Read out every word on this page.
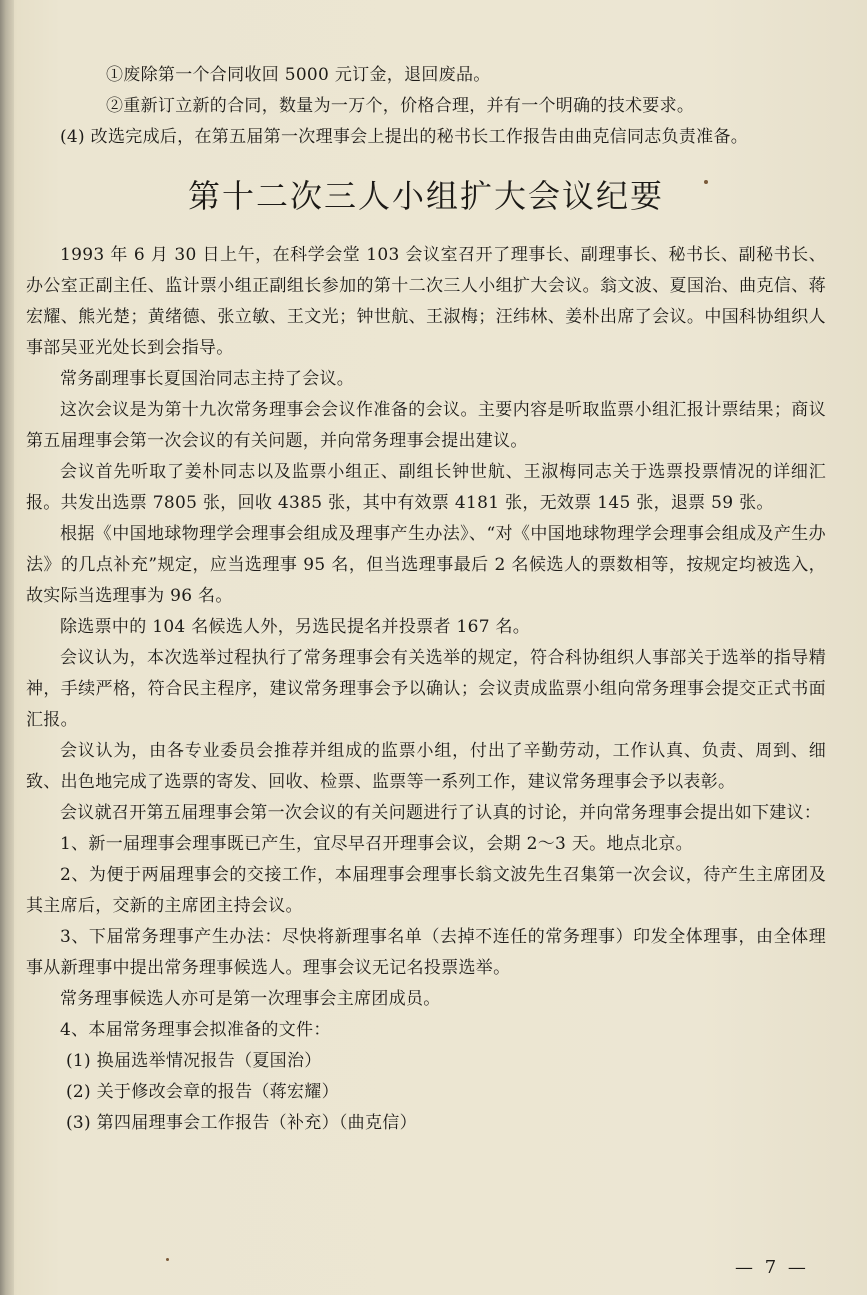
①废除第一个合同收回 5000 元订金，退回废品。

②重新订立新的合同，数量为一万个，价格合理，并有一个明确的技术要求。

(4) 改选完成后，在第五届第一次理事会上提出的秘书长工作报告由曲克信同志负责准备。

第十二次三人小组扩大会议纪要

1993 年 6 月 30 日上午，在科学会堂 103 会议室召开了理事长、副理事长、秘书长、副秘书长、办公室正副主任、监计票小组正副组长参加的第十二次三人小组扩大会议。翁文波、夏国治、曲克信、蒋宏耀、熊光楚；黄绪德、张立敏、王文光；钟世航、王淑梅；汪纬林、姜朴出席了会议。中国科协组织人事部吴亚光处长到会指导。

常务副理事长夏国治同志主持了会议。

这次会议是为第十九次常务理事会会议作准备的会议。主要内容是听取监票小组汇报计票结果；商议第五届理事会第一次会议的有关问题，并向常务理事会提出建议。

会议首先听取了姜朴同志以及监票小组正、副组长钟世航、王淑梅同志关于选票投票情况的详细汇报。共发出选票 7805 张，回收 4385 张，其中有效票 4181 张，无效票 145 张，退票 59 张。

根据《中国地球物理学会理事会组成及理事产生办法》、“对《中国地球物理学会理事会组成及产生办法》的几点补充”规定，应当选理事 95 名，但当选理事最后 2 名候选人的票数相等，按规定均被选入，故实际当选理事为 96 名。

除选票中的 104 名候选人外，另选民提名并投票者 167 名。

会议认为，本次选举过程执行了常务理事会有关选举的规定，符合科协组织人事部关于选举的指导精神，手续严格，符合民主程序，建议常务理事会予以确认；会议责成监票小组向常务理事会提交正式书面汇报。

会议认为，由各专业委员会推荐并组成的监票小组，付出了辛勤劳动，工作认真、负责、周到、细致、出色地完成了选票的寄发、回收、检票、监票等一系列工作，建议常务理事会予以表彰。

会议就召开第五届理事会第一次会议的有关问题进行了认真的讨论，并向常务理事会提出如下建议：

1、新一届理事会理事既已产生，宜尽早召开理事会议，会期 2～3 天。地点北京。

2、为便于两届理事会的交接工作，本届理事会理事长翁文波先生召集第一次会议，待产生主席团及其主席后，交新的主席团主持会议。

3、下届常务理事产生办法：尽快将新理事名单（去掉不连任的常务理事）印发全体理事，由全体理事从新理事中提出常务理事候选人。理事会议无记名投票选举。

常务理事候选人亦可是第一次理事会主席团成员。

4、本届常务理事会拟准备的文件：

(1) 换届选举情况报告（夏国治）

(2) 关于修改会章的报告（蒋宏耀）

(3) 第四届理事会工作报告（补充）（曲克信）

— 7 —
